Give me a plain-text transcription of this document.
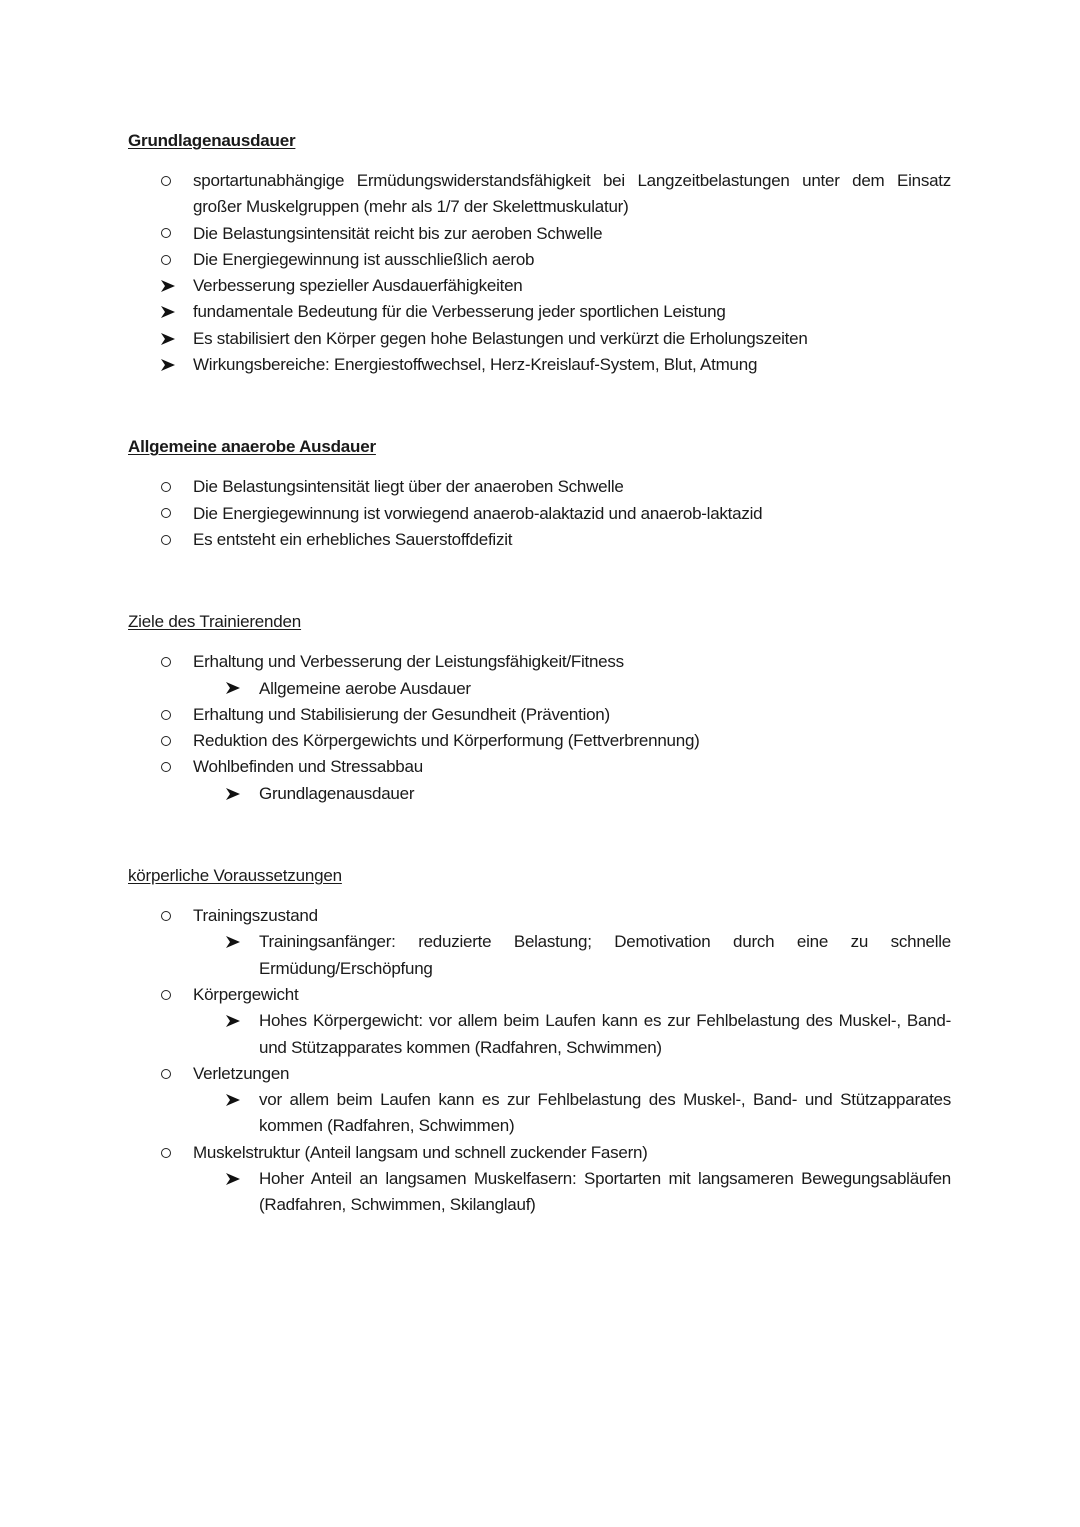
Grundlagenausdauer
sportartunabhängige Ermüdungswiderstandsfähigkeit bei Langzeitbelastungen unter dem Einsatz großer Muskelgruppen (mehr als 1/7 der Skelettmuskulatur)
Die Belastungsintensität reicht bis zur aeroben Schwelle
Die Energiegewinnung ist ausschließlich aerob
Verbesserung spezieller Ausdauerfähigkeiten
fundamentale Bedeutung für die Verbesserung jeder sportlichen Leistung
Es stabilisiert den Körper gegen hohe Belastungen und verkürzt die Erholungszeiten
Wirkungsbereiche: Energiestoffwechsel, Herz-Kreislauf-System, Blut, Atmung
Allgemeine anaerobe Ausdauer
Die Belastungsintensität liegt über der anaeroben Schwelle
Die Energiegewinnung ist vorwiegend anaerob-alaktazid und anaerob-laktazid
Es entsteht ein erhebliches Sauerstoffdefizit
Ziele des Trainierenden
Erhaltung und Verbesserung der Leistungsfähigkeit/Fitness
Allgemeine aerobe Ausdauer
Erhaltung und Stabilisierung der Gesundheit (Prävention)
Reduktion des Körpergewichts und Körperformung (Fettverbrennung)
Wohlbefinden und Stressabbau
Grundlagenausdauer
körperliche Voraussetzungen
Trainingszustand
Trainingsanfänger: reduzierte Belastung; Demotivation durch eine zu schnelle Ermüdung/Erschöpfung
Körpergewicht
Hohes Körpergewicht: vor allem beim Laufen kann es zur Fehlbelastung des Muskel-, Band- und Stützapparates kommen (Radfahren, Schwimmen)
Verletzungen
vor allem beim Laufen kann es zur Fehlbelastung des Muskel-, Band- und Stützapparates kommen (Radfahren, Schwimmen)
Muskelstruktur (Anteil langsam und schnell zuckender Fasern)
Hoher Anteil an langsamen Muskelfasern: Sportarten mit langsameren Bewegungsabläufen (Radfahren, Schwimmen, Skilanglauf)
